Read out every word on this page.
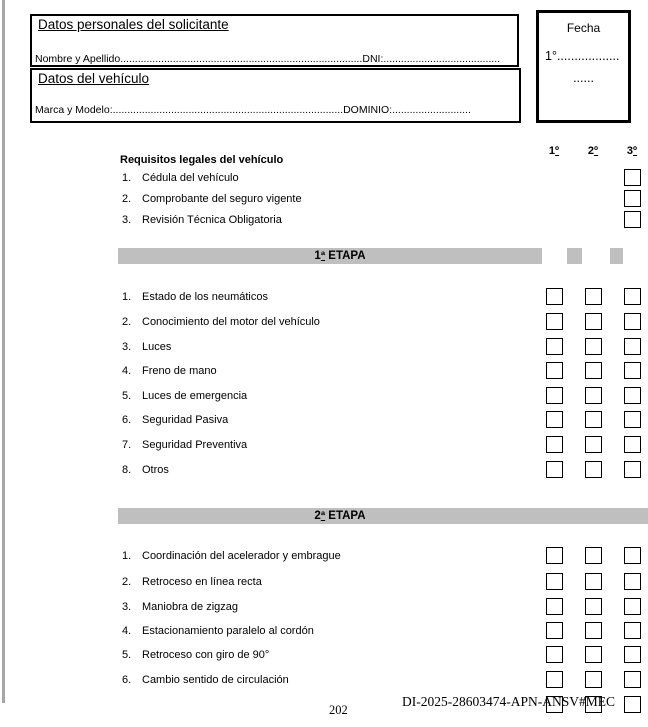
Datos personales del solicitante
Nombre y Apellido...................................................................................DNI:........................................
Datos del vehículo
Marca y Modelo:...............................................................................DOMINIO:...........................
Fecha
1°..................
......
1º	2º	3º
Requisitos legales del vehículo
1. Cédula del vehículo
2. Comprobante del seguro vigente
3. Revisión Técnica Obligatoria
1ª ETAPA
1. Estado de los neumáticos
2. Conocimiento del motor del vehículo
3. Luces
4. Freno de mano
5. Luces de emergencia
6. Seguridad Pasiva
7. Seguridad Preventiva
8. Otros
2ª ETAPA
1. Coordinación del acelerador y embrague
2. Retroceso en línea recta
3. Maniobra de zigzag
4. Estacionamiento paralelo al cordón
5. Retroceso con giro de 90°
6. Cambio sentido de circulación
202
DI-2025-28603474-APN-ANSV#MEC
